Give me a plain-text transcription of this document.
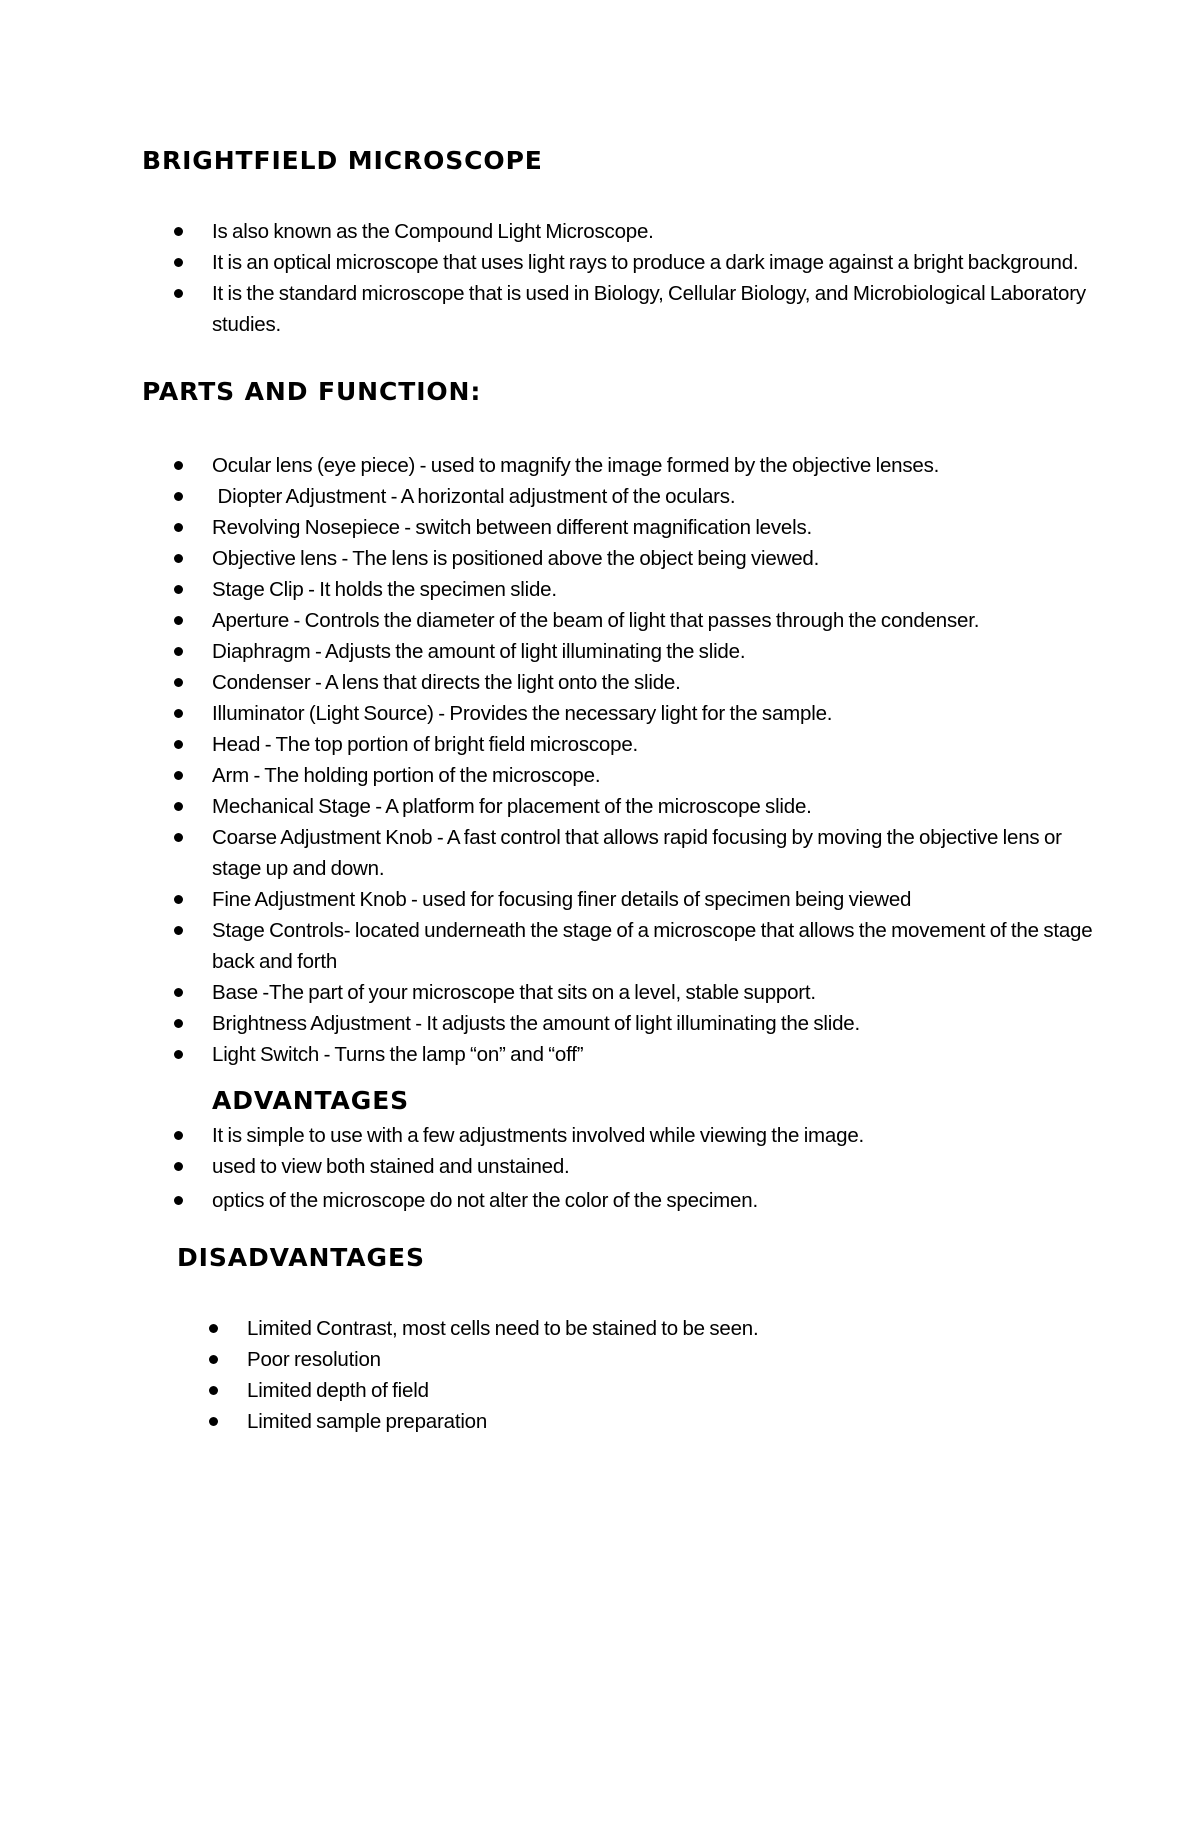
BRIGHTFIELD MICROSCOPE
Is also known as the Compound Light Microscope.
It is an optical microscope that uses light rays to produce a dark image against a bright background.
It is the standard microscope that is used in Biology, Cellular Biology, and Microbiological Laboratory studies.
PARTS AND FUNCTION:
Ocular lens (eye piece) - used to magnify the image formed by the objective lenses.
Diopter Adjustment - A horizontal adjustment of the oculars.
Revolving Nosepiece - switch between different magnification levels.
Objective lens - The lens is positioned above the object being viewed.
Stage Clip - It holds the specimen slide.
Aperture - Controls the diameter of the beam of light that passes through the condenser.
Diaphragm - Adjusts the amount of light illuminating the slide.
Condenser - A lens that directs the light onto the slide.
Illuminator (Light Source) - Provides the necessary light for the sample.
Head - The top portion of bright field microscope.
Arm - The holding portion of the microscope.
Mechanical Stage - A platform for placement of the microscope slide.
Coarse Adjustment Knob - A fast control that allows rapid focusing by moving the objective lens or stage up and down.
Fine Adjustment Knob - used for focusing finer details of specimen being viewed
Stage Controls- located underneath the stage of a microscope that allows the movement of the stage back and forth
Base -The part of your microscope that sits on a level, stable support.
Brightness Adjustment - It adjusts the amount of light illuminating the slide.
Light Switch - Turns the lamp “on” and “off”
ADVANTAGES
It is simple to use with a few adjustments involved while viewing the image.
used to view both stained and unstained.
optics of the microscope do not alter the color of the specimen.
DISADVANTAGES
Limited Contrast, most cells need to be stained to be seen.
Poor resolution
Limited depth of field
Limited sample preparation
